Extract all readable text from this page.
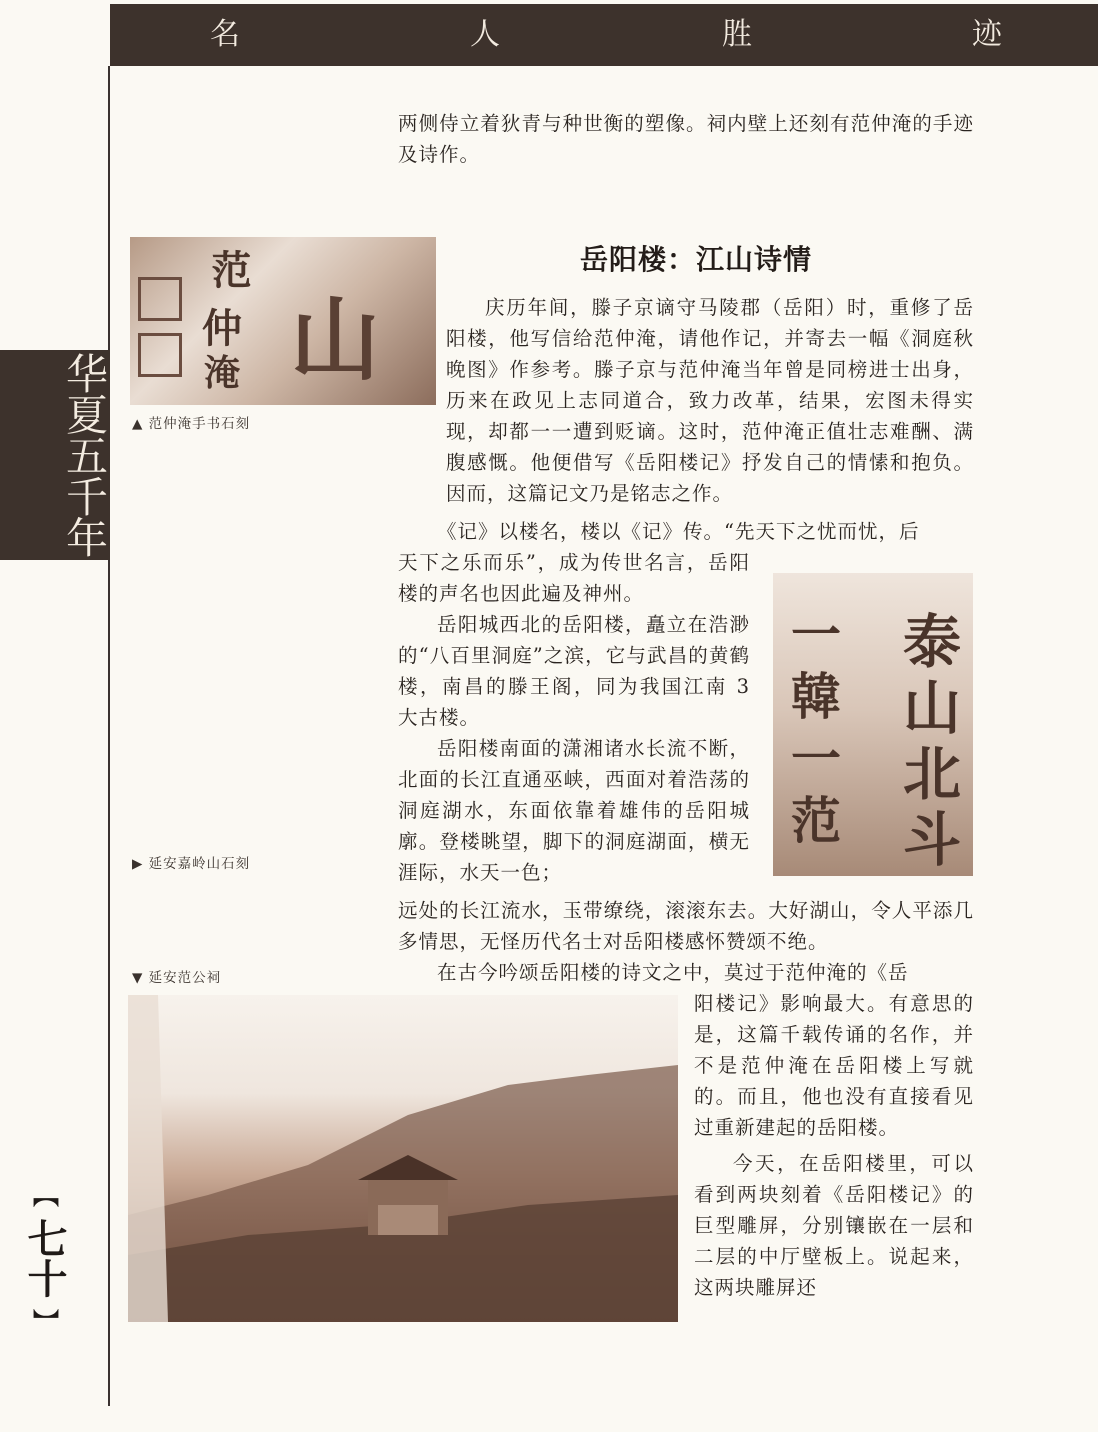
名	人	胜	迹
华
夏
五
千
年
【
七十
】

两侧侍立着狄青与种世衡的塑像。祠内壁上还刻有范仲淹的手迹及诗作。

岳阳楼：江山诗情
范
仲
淹 山
▲ 范仲淹手书石刻

庆历年间，滕子京谪守马陵郡（岳阳）时，重修了岳阳楼，他写信给范仲淹，请他作记，并寄去一幅《洞庭秋晚图》作参考。滕子京与范仲淹当年曾是同榜进士出身，历来在政见上志同道合，致力改革，结果，宏图未得实现，却都一一遭到贬谪。这时，范仲淹正值壮志难酬、满腹感慨。他便借写《岳阳楼记》抒发自己的情愫和抱负。因而，这篇记文乃是铭志之作。

《记》以楼名，楼以《记》传。“先天下之忧而忧，后

天下之乐而乐”，成为传世名言，岳阳楼的声名也因此遍及神州。

岳阳城西北的岳阳楼，矗立在浩渺的“八百里洞庭”之滨，它与武昌的黄鹤楼，南昌的滕王阁，同为我国江南 3 大古楼。

岳阳楼南面的潇湘诸水长流不断，北面的长江直通巫峡，西面对着浩荡的洞庭湖水，东面依靠着雄伟的岳阳城廓。登楼眺望，脚下的洞庭湖面，横无涯际，水天一色；

远处的长江流水，玉带缭绕，滚滚东去。大好湖山，令人平添几多情思，无怪历代名士对岳阳楼感怀赞颂不绝。

泰
山
北
斗
一
韓
一
范
▶ 延安嘉岭山石刻
▼ 延安范公祠	在古今吟颂岳阳楼的诗文之中，莫过于范仲淹的《岳

阳楼记》影响最大。有意思的是，这篇千载传诵的名作，并不是范仲淹在岳阳楼上写就的。而且，他也没有直接看见过重新建起的岳阳楼。

今天，在岳阳楼里，可以看到两块刻着《岳阳楼记》的巨型雕屏，分别镶嵌在一层和二层的中厅壁板上。说起来，这两块雕屏还
